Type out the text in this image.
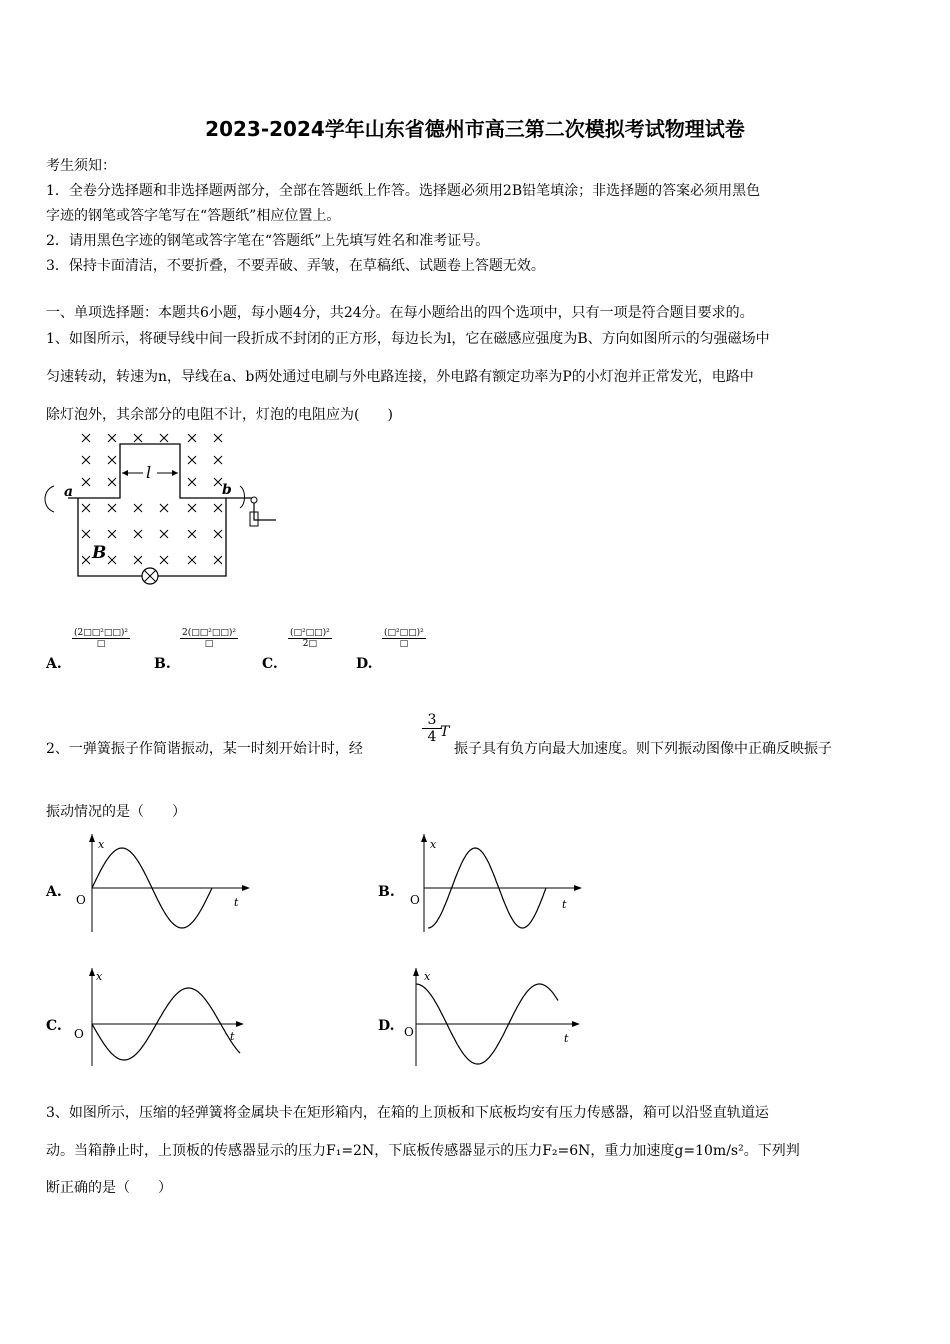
2023-2024学年山东省德州市高三第二次模拟考试物理试卷
考生须知：
1．全卷分选择题和非选择题两部分，全部在答题纸上作答。选择题必须用2B铅笔填涂；非选择题的答案必须用黑色
字迹的钢笔或答字笔写在“答题纸”相应位置上。
2．请用黑色字迹的钢笔或答字笔在“答题纸”上先填写姓名和准考证号。
3．保持卡面清洁，不要折叠，不要弄破、弄皱，在草稿纸、试题卷上答题无效。
一、单项选择题：本题共6小题，每小题4分，共24分。在每小题给出的四个选项中，只有一项是符合题目要求的。
1、如图所示，将硬导线中间一段折成不封闭的正方形，每边长为l，它在磁感应强度为B、方向如图所示的匀强磁场中
匀速转动，转速为n，导线在a、b两处通过电刷与外电路连接，外电路有额定功率为P的小灯泡并正常发光，电路中
除灯泡外，其余部分的电阻不计，灯泡的电阻应为(　　)
l
a	b
B
A.
(2□□²□□)²
□
B.
2(□□²□□)²
□
C.
(□²□□)²
2□
D.
(□²□□)²
□
2、一弹簧振子作简谐振动，某一时刻开始计时，经
3
4 T
振子具有负方向最大加速度。则下列振动图像中正确反映振子
振动情况的是（　　）
A.
x
t
O	B.
x
t
O
C.
x
t
O	D.
x
t
O
3、如图所示，压缩的轻弹簧将金属块卡在矩形箱内，在箱的上顶板和下底板均安有压力传感器，箱可以沿竖直轨道运
动。当箱静止时，上顶板的传感器显示的压力F₁=2N，下底板传感器显示的压力F₂=6N，重力加速度g=10m/s²。下列判
断正确的是（　　）
